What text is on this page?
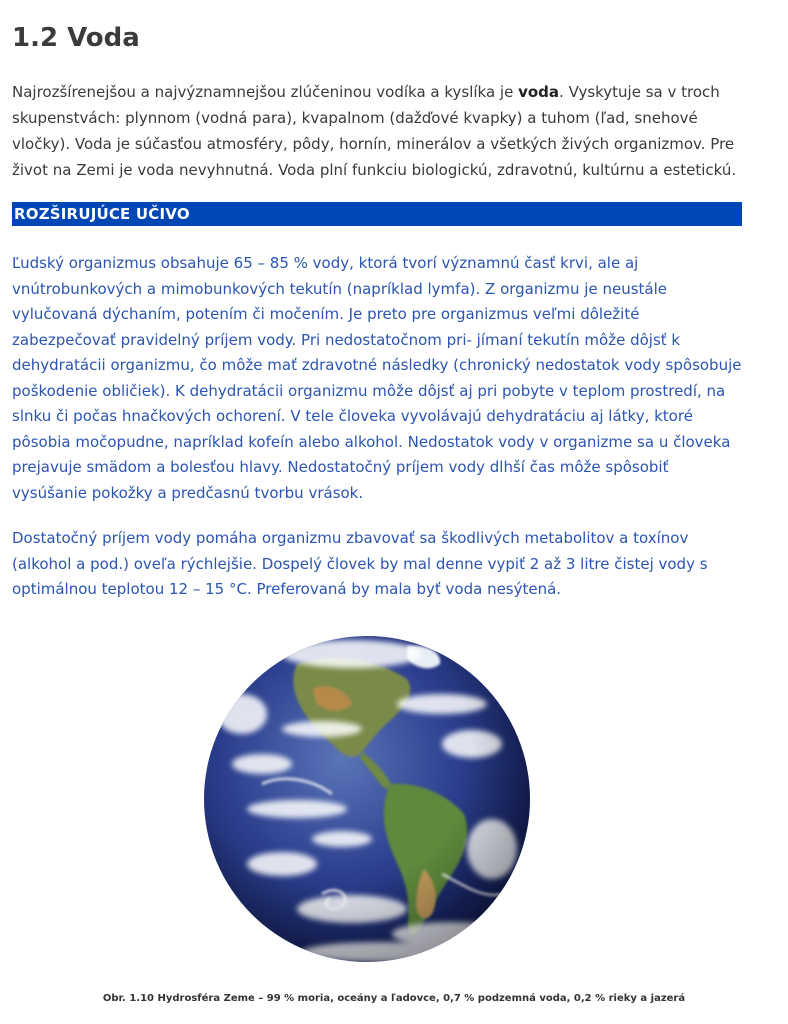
1.2 Voda

Najrozšírenejšou a najvýznamnejšou zlúčeninou vodíka a kyslíka je voda. Vyskytuje sa v troch skupenstvách: plynnom (vodná para), kvapalnom (dažďové kvapky) a tuhom (ľad, snehové vločky). Voda je súčasťou atmosféry, pôdy, hornín, minerálov a všetkých živých organizmov. Pre život na Zemi je voda nevyhnutná. Voda plní funkciu biologickú, zdravotnú, kultúrnu a estetickú.

ROZŠIRUJÚCE UČIVO

Ľudský organizmus obsahuje 65 – 85 % vody, ktorá tvorí významnú časť krvi, ale aj vnútrobunkových a mimobunkových tekutín (napríklad lymfa). Z organizmu je neustále vylučovaná dýchaním, potením či močením. Je preto pre organizmus veľmi dôležité zabezpečovať pravidelný príjem vody. Pri nedostatočnom pri- jímaní tekutín môže dôjsť k dehydratácii organizmu, čo môže mať zdravotné následky (chronický nedostatok vody spôsobuje poškodenie obličiek). K dehydratácii organizmu môže dôjsť aj pri pobyte v teplom prostredí, na slnku či počas hnačkových ochorení. V tele človeka vyvolávajú dehydratáciu aj látky, ktoré pôsobia močopudne, napríklad kofeín alebo alkohol. Nedostatok vody v organizme sa u človeka prejavuje smädom a bolesťou hlavy. Nedostatočný príjem vody dlhší čas môže spôsobiť vysúšanie pokožky a predčasnú tvorbu vrások.

Dostatočný príjem vody pomáha organizmu zbavovať sa škodlivých metabolitov a toxínov (alkohol a pod.) oveľa rýchlejšie. Dospelý človek by mal denne vypiť 2 až 3 litre čistej vody s optimálnou teplotou 12 – 15 °C. Preferovaná by mala byť voda nesýtená.

Obr. 1.10 Hydrosféra Zeme – 99 % moria, oceány a ľadovce, 0,7 % podzemná voda, 0,2 % rieky a jazerá
